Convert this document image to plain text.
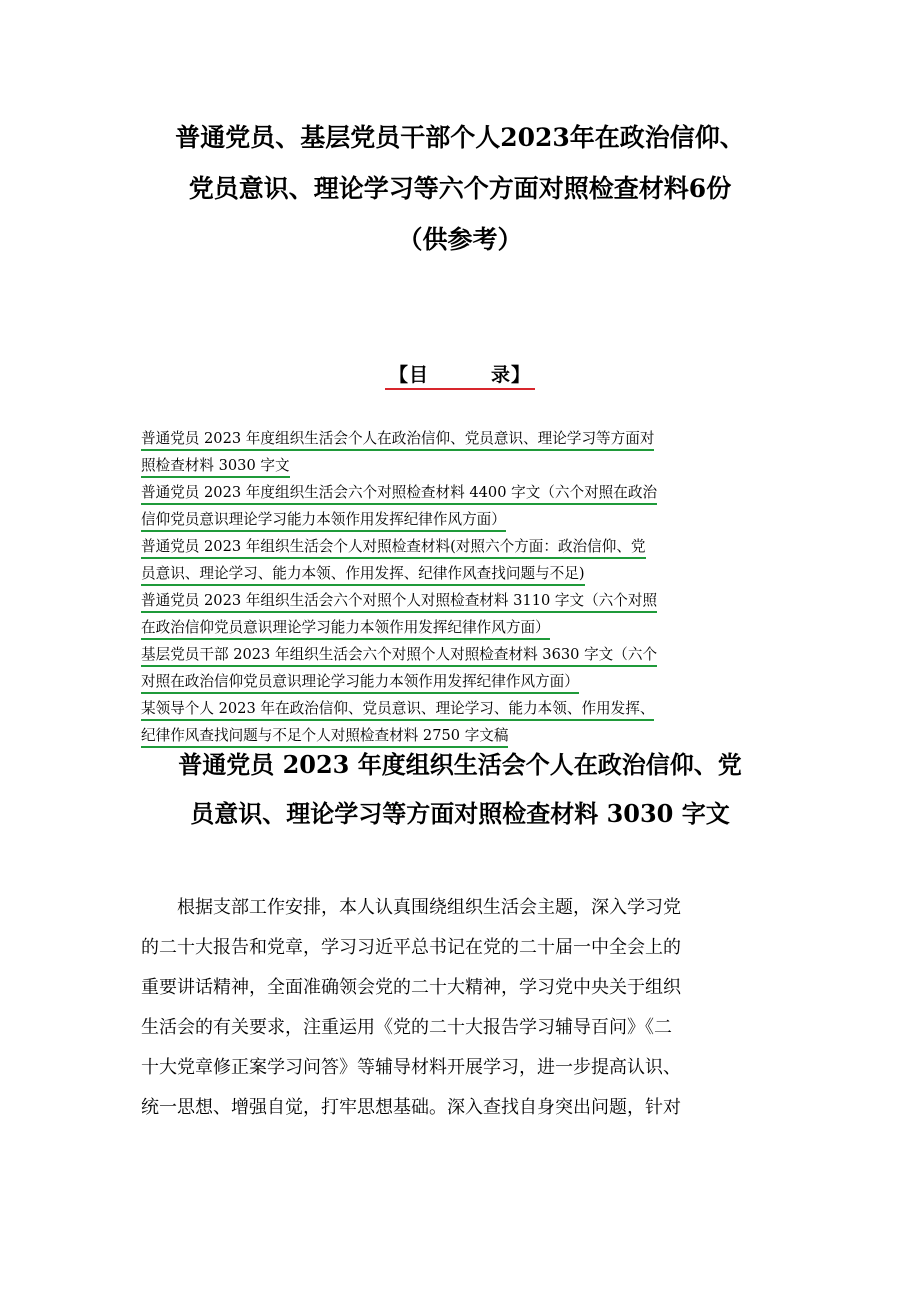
普通党员、基层党员干部个人2023年在政治信仰、
党员意识、理论学习等六个方面对照检查材料6份
（供参考）
【目	录】
普通党员 2023 年度组织生活会个人在政治信仰、党员意识、理论学习等方面对
照检查材料 3030 字文
普通党员 2023 年度组织生活会六个对照检查材料 4400 字文（六个对照在政治
信仰党员意识理论学习能力本领作用发挥纪律作风方面）
普通党员 2023 年组织生活会个人对照检查材料(对照六个方面：政治信仰、党
员意识、理论学习、能力本领、作用发挥、纪律作风查找问题与不足)
普通党员 2023 年组织生活会六个对照个人对照检查材料 3110 字文（六个对照
在政治信仰党员意识理论学习能力本领作用发挥纪律作风方面）
基层党员干部 2023 年组织生活会六个对照个人对照检查材料 3630 字文（六个
对照在政治信仰党员意识理论学习能力本领作用发挥纪律作风方面）
某领导个人 2023 年在政治信仰、党员意识、理论学习、能力本领、作用发挥、
纪律作风查找问题与不足个人对照检查材料 2750 字文稿
普通党员 2023 年度组织生活会个人在政治信仰、党
员意识、理论学习等方面对照检查材料 3030 字文
根据支部工作安排，本人认真围绕组织生活会主题，深入学习党
的二十大报告和党章，学习习近平总书记在党的二十届一中全会上的
重要讲话精神，全面准确领会党的二十大精神，学习党中央关于组织
生活会的有关要求，注重运用《党的二十大报告学习辅导百问》《二
十大党章修正案学习问答》等辅导材料开展学习，进一步提高认识、
统一思想、增强自觉，打牢思想基础。深入查找自身突出问题，针对
